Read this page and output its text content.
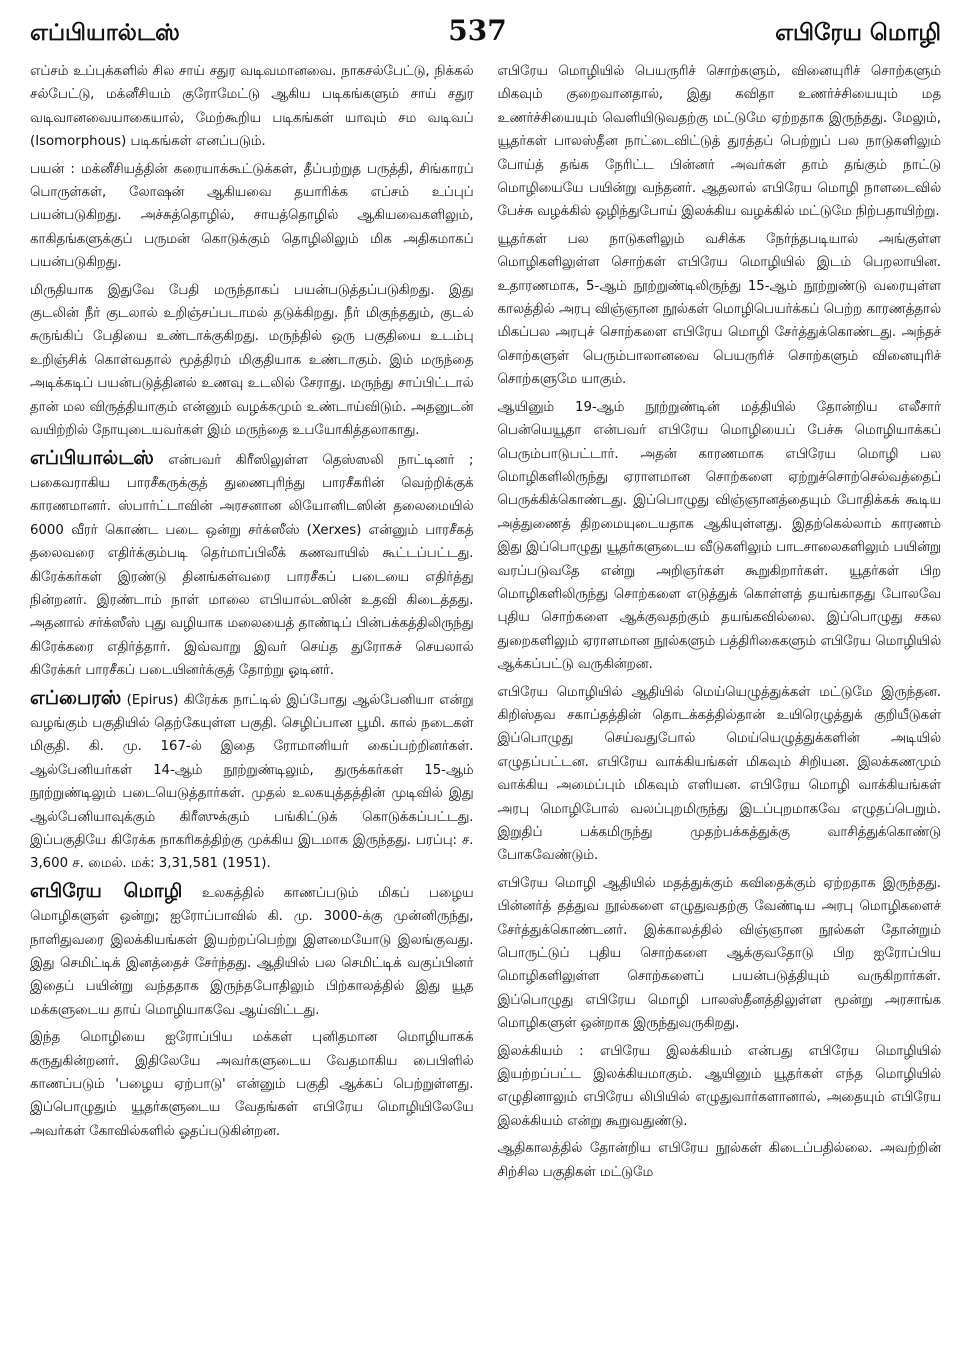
எப்பியால்டஸ்	537	எபிரேய மொழி

எப்சம் உப்புக்களில் சில சாய் சதுர வடிவமானவை. நாகசல்பேட்டு, நிக்கல் சல்பேட்டு, மக்னீசியம் குரோமேட்டு ஆகிய படிகங்களும் சாய் சதுர வடிவானவையாகையால், மேற்கூறிய படிகங்கள் யாவும் சம வடிவப் (Isomorphous) படிகங்கள் எனப்படும்.

பயன் : மக்னீசியத்தின் கரையாக்கூட்டுக்கள், தீப்பற்றுத பருத்தி, சிங்காரப் பொருள்கள், லோஷன் ஆகியவை தயாரிக்க எப்சம் உப்புப் பயன்படுகிறது. அச்சுத்தொழில், சாயத்தொழில் ஆகியவைகளிலும், காகிதங்களுக்குப் பருமன் கொடுக்கும் தொழிலிலும் மிக அதிகமாகப் பயன்படுகிறது.

மிருதியாக இதுவே பேதி மருந்தாகப் பயன்படுத்தப்படுகிறது. இது குடலின் நீர் குடலால் உறிஞ்சப்படாமல் தடுக்கிறது. நீர் மிகுந்ததும், குடல் சுருங்கிப் பேதியை உண்டாக்குகிறது. மருந்தில் ஒரு பகுதியை உடம்பு உறிஞ்சிக் கொள்வதால் மூத்திரம் மிகுதியாக உண்டாகும். இம் மருந்தை அடிக்கடிப் பயன்படுத்தினல் உணவு உடலில் சேராது. மருந்து சாப்பிட்டால் தான் மல விருத்தியாகும் என்னும் வழக்கமும் உண்டாய்விடும். அதனுடன் வயிற்றில் நோயுடையவர்கள் இம் மருந்தை உபயோகித்தலாகாது.

எப்பியால்டஸ் என்பவர் கிரீஸிலுள்ள தெஸ்ஸலி நாட்டினர் ; பகைவராகிய பாரசீகருக்குத் துணைபுரிந்து பாரசீகரின் வெற்றிக்குக் காரணமானர். ஸ்பார்ட்டாவின் அரசனான லியோனிடஸின் தலைமையில் 6000 வீரர் கொண்ட படை ஒன்று சர்க்ஸீஸ் (Xerxes) என்னும் பாரசீகத் தலைவரை எதிர்க்கும்படி தெர்மாப்பிலீக் கணவாயில் கூட்டப்பட்டது. கிரேக்கர்கள் இரண்டு தினங்கள்வரை பாரசீகப் படையை எதிர்த்து நின்றனர். இரண்டாம் நாள் மாலை எபியால்டஸின் உதவி கிடைத்தது. அதனால் சர்க்ஸீஸ் புது வழியாக மலையைத் தாண்டிப் பின்பக்கத்திலிருந்து கிரேக்கரை எதிர்த்தார். இவ்வாறு இவர் செய்த துரோகச் செயலால் கிரேக்கர் பாரசீகப் படையினர்க்குத் தோற்று ஓடினர்.

எப்பைரஸ் (Epirus) கிரேக்க நாட்டில் இப்போது ஆல்பேனியா என்று வழங்கும் பகுதியில் தெற்கேயுள்ள பகுதி. செழிப்பான பூமி. கால் நடைகள் மிகுதி. கி. மு. 167-ல் இதை ரோமானியர் கைப்பற்றினர்கள். ஆல்பேனியர்கள் 14-ஆம் நூற்றுண்டிலும், துருக்கர்கள் 15-ஆம் நூற்றுண்டிலும் படையெடுத்தார்கள். முதல் உலகயுத்தத்தின் முடிவில் இது ஆல்பேனியாவுக்கும் கிரீஸுக்கும் பங்கிட்டுக் கொடுக்கப்பட்டது. இப்பகுதியே கிரேக்க நாகரிகத்திற்கு முக்கிய இடமாக இருந்தது. பரப்பு: ச. 3,600 ச. மைல். மக்: 3,31,581 (1951).

எபிரேய மொழி உலகத்தில் காணப்படும் மிகப் பழைய மொழிகளுள் ஒன்று; ஐரோப்பாவில் கி. மு. 3000-க்கு முன்னிருந்து, நாளிதுவரை இலக்கியங்கள் இயற்றப்பெற்று இளமையோடு இலங்குவது. இது செமிட்டிக் இனத்தைச் சேர்ந்தது. ஆதியில் பல செமிட்டிக் வகுப்பினர் இதைப் பயின்று வந்ததாக இருந்தபோதிலும் பிற்காலத்தில் இது யூத மக்களுடைய தாய் மொழியாகவே ஆய்விட்டது.

இந்த மொழியை ஐரோப்பிய மக்கள் புனிதமான மொழியாகக் கருதுகின்றனர். இதிலேயே அவர்களுடைய வேதமாகிய பைபிளில் காணப்படும் 'பழைய ஏற்பாடு' என்னும் பகுதி ஆக்கப் பெற்றுள்ளது. இப்பொழுதும் யூதர்களுடைய வேதங்கள் எபிரேய மொழியிலேயே அவர்கள் கோவில்களில் ஓதப்படுகின்றன.

எபிரேய மொழியில் பெயருரிச் சொற்களும், வினையுரிச் சொற்களும் மிகவும் குறைவானதால், இது கவிதா உணர்ச்சியையும் மத உணர்ச்சியையும் வெளியிடுவதற்கு மட்டுமே ஏற்றதாக இருந்தது. மேலும், யூதர்கள் பாலஸ்தீன நாட்டைவிட்டுத் துரத்தப் பெற்றுப் பல நாடுகளிலும் போய்த் தங்க நேரிட்ட பின்னர் அவர்கள் தாம் தங்கும் நாட்டு மொழியையே பயின்று வந்தனர். ஆதலால் எபிரேய மொழி நாளடைவில் பேச்சு வழக்கில் ஒழிந்துபோய் இலக்கிய வழக்கில் மட்டுமே நிற்பதாயிற்று.

யூதர்கள் பல நாடுகளிலும் வசிக்க நேர்ந்தபடியால் அங்குள்ள மொழிகளிலுள்ள சொற்கள் எபிரேய மொழியில் இடம் பெறலாயின. உதாரணமாக, 5-ஆம் நூற்றுண்டிலிருந்து 15-ஆம் நூற்றுண்டு வரையுள்ள காலத்தில் அரபு விஞ்ஞான நூல்கள் மொழிபெயர்க்கப் பெற்ற காரணத்தால் மிகப்பல அரபுச் சொற்களை எபிரேய மொழி சேர்த்துக்கொண்டது. அந்தச் சொற்களுள் பெரும்பாலானவை பெயருரிச் சொற்களும் வினையுரிச் சொற்களுமே யாகும்.

ஆயினும் 19-ஆம் நூற்றுண்டின் மத்தியில் தோன்றிய எலீசார் பென்யெயூதா என்பவர் எபிரேய மொழியைப் பேச்சு மொழியாக்கப் பெரும்பாடுபட்டார். அதன் காரணமாக எபிரேய மொழி பல மொழிகளிலிருந்து ஏராளமான சொற்களை ஏற்றுச்சொற்செல்வத்தைப் பெருக்கிக்கொண்டது. இப்பொழுது விஞ்ஞானத்தையும் போதிக்கக் கூடிய அத்துணைத் திறமையுடையதாக ஆகியுள்ளது. இதற்கெல்லாம் காரணம் இது இப்பொழுது யூதர்களுடைய வீடுகளிலும் பாடசாலைகளிலும் பயின்று வரப்படுவதே என்று அறிஞர்கள் கூறுகிறார்கள். யூதர்கள் பிற மொழிகளிலிருந்து சொற்களை எடுத்துக் கொள்ளத் தயங்காதது போலவே புதிய சொற்களை ஆக்குவதற்கும் தயங்கவில்லை. இப்பொழுது சகல துறைகளிலும் ஏராளமான நூல்களும் பத்திரிகைகளும் எபிரேய மொழியில் ஆக்கப்பட்டு வருகின்றன.

எபிரேய மொழியில் ஆதியில் மெய்யெழுத்துக்கள் மட்டுமே இருந்தன. கிறிஸ்தவ சகாப்தத்தின் தொடக்கத்தில்தான் உயிரெழுத்துக் குறியீடுகள் இப்பொழுது செய்வதுபோல் மெய்யெழுத்துக்களின் அடியில் எழுதப்பட்டன. எபிரேய வாக்கியங்கள் மிகவும் சிறியன. இலக்கணமும் வாக்கிய அமைப்பும் மிகவும் எளியன. எபிரேய மொழி வாக்கியங்கள் அரபு மொழிபோல் வலப்புறமிருந்து இடப்புறமாகவே எழுதப்பெறும். இறுதிப் பக்கமிருந்து முதற்பக்கத்துக்கு வாசித்துக்கொண்டு போகவேண்டும்.

எபிரேய மொழி ஆதியில் மதத்துக்கும் கவிதைக்கும் ஏற்றதாக இருந்தது. பின்னர்த் தத்துவ நூல்களை எழுதுவதற்கு வேண்டிய அரபு மொழிகளைச் சேர்த்துக்கொண்டனர். இக்காலத்தில் விஞ்ஞான நூல்கள் தோன்றும் பொருட்டுப் புதிய சொற்களை ஆக்குவதோடு பிற ஐரோப்பிய மொழிகளிலுள்ள சொற்களைப் பயன்படுத்தியும் வருகிறார்கள். இப்பொழுது எபிரேய மொழி பாலஸ்தீனத்திலுள்ள மூன்று அரசாங்க மொழிகளுள் ஒன்றாக இருந்துவருகிறது.

இலக்கியம் : எபிரேய இலக்கியம் என்பது எபிரேய மொழியில் இயற்றப்பட்ட இலக்கியமாகும். ஆயினும் யூதர்கள் எந்த மொழியில் எழுதினாலும் எபிரேய லிபியில் எழுதுவார்களானால், அதையும் எபிரேய இலக்கியம் என்று கூறுவதுண்டு.

ஆதிகாலத்தில் தோன்றிய எபிரேய நூல்கள் கிடைப்பதில்லை. அவற்றின் சிற்சில பகுதிகள் மட்டுமே
